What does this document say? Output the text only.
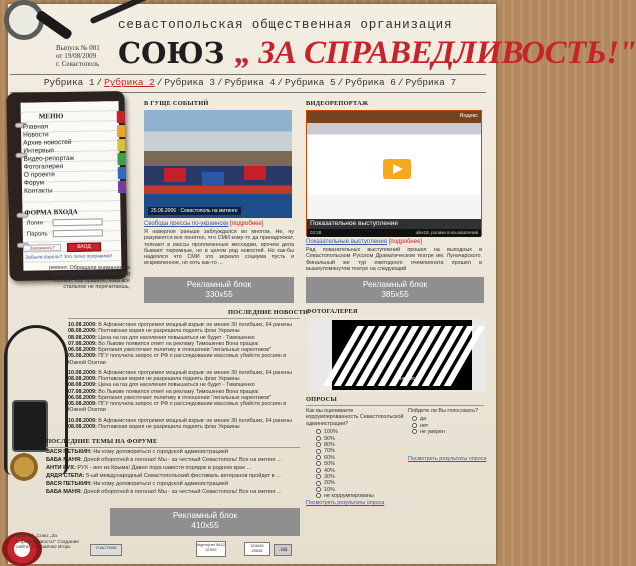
Выпуск № 001
от 19/08/2009
г. Севастополь
севастопольская общественная организация
СОЮЗ „ ЗА СПРАВЕДЛИВОСТЬ!"
Рубрика 1 / Рубрика 2 / Рубрика 3 / Рубрика 4 / Рубрика 5 / Рубрика 6 / Рубрика 7
МЕНЮ
Главная
Новости
Архив новостей
Интервью
Видео-репортаж
Фотогалерея
О проекте
Форум
Контакты
ФОРМА ВХОДА
Логин
Пароль
Запомнить?	ВХОД
Забыли пароль? Это легко поправимо!
ремонт. Обращали внимание на старые газеты, наклеенные под обоями. Как правило, пока все стальное не перечитаешь,
В ГУЩЕ СОБЫТИЙ
25.06.2006 · Севастополь на митинге
Свобода прессы по-украински [подробнее]
Я наверное раньше заблуждался во многом. Не, ну разумеется все понятно, что СМИ кому-то да принадлежат, толкают в массы проплаченные месседжи, прочем дела бывают тюремные, но в целом ряд новостей. Но как-бы надеялся что СМИ это зеркало социума пусть и искривленное, но хоть как-то ...
Рекламный блок
330x55
ВИДЕОРЕПОРТАЖ
Яндекс
Показательное выступление
03:28	ukiv18, ролики пользователей
Показательные выступления [подробнее]
Рад показательных выступлений прошел на выходных в Севастопольском Русском Драматическом театре им. Луначарского. Финальный же тур ежегодного очемпионата прошел в вышеупомянутом театре на следующий
Рекламный блок
385x55
ПОСЛЕДНИЕ НОВОСТИ
10.08.2009: В Афганистане прогремел мощный взрыв: не менее 30 погибших, 64 ранены
08.08.2009: Полтавская мэрия не разрешила поднять флаг Украины
08.08.2009: Цена на газ для населения повышаться не будет - Тимошенко
07.08.2009: Во Львове появился ответ на рекламу Тимошенко Вона працює
06.08.2009: Британия ужесточает политику в отношении "легальных наркотиков"
05.08.2009: ПГУ получила запрос от РФ о расследовании массовых убийств россиян в Южной Осетии
10.08.2009: В Афганистане прогремел мощный взрыв: не менее 30 погибших, 64 ранены
08.08.2009: Полтавская мэрия не разрешила поднять флаг Украины
08.08.2009: Цена на газ для населения повышаться не будет - Тимошенко
07.08.2009: Во Львове появился ответ на рекламу Тимошенко Вона працює
06.08.2009: Британия ужесточает политику в отношении "легальных наркотиков"
05.08.2009: ПГУ получила запрос от РФ о расследовании массовых убийств россиян в Южной Осетии
10.08.2009: В Афганистане прогремел мощный взрыв: не менее 30 погибших, 64 ранены
08.08.2009: Полтавская мэрия не разрешила поднять флаг Украины
ПОСЛЕДНИЕ ТЕМЫ НА ФОРУМЕ
ВАСЯ ПЕТЬКИН: Ни кому договориться с городской администрацией
БАБА МАНЯ: Доной оборотней в погонах! Мы - за честный Севастополь! Все на митинг ...
АНТИ РУХ: РУХ - вон из Крыма! Давно пора навести порядок в родном крае ...
ДЯДЯ СТЕПА: 5-ый международный Севастопольский фестиваль ветеранов пройдет в ...
ВАСЯ ПЕТЬКИН: Ни кому договориться с городской администрацией
БАБА МАНЯ: Доной оборотней в погонах! Мы - за честный Севастополь! Все на митинг ...
Рекламный блок
410x55
ФОТОГАЛЕРЕЯ
ОПРОСЫ
Как вы оцениваете коррумпированность Севастопольской администрации?
100%
90%
80%
70%
60%
50%
40%
30%
20%
10%
не коррумпированы
Посмотреть результаты опроса
Пойдете ли Вы голосовать?
да
нет
не уверен
Посмотреть результаты опроса
2009 (с) „Союз „За Справедливость!" Создание сайта: Тимошенко Игорь	УЧАСТНИК
bigmir)net 5612 47932
324045 25646	.ua
